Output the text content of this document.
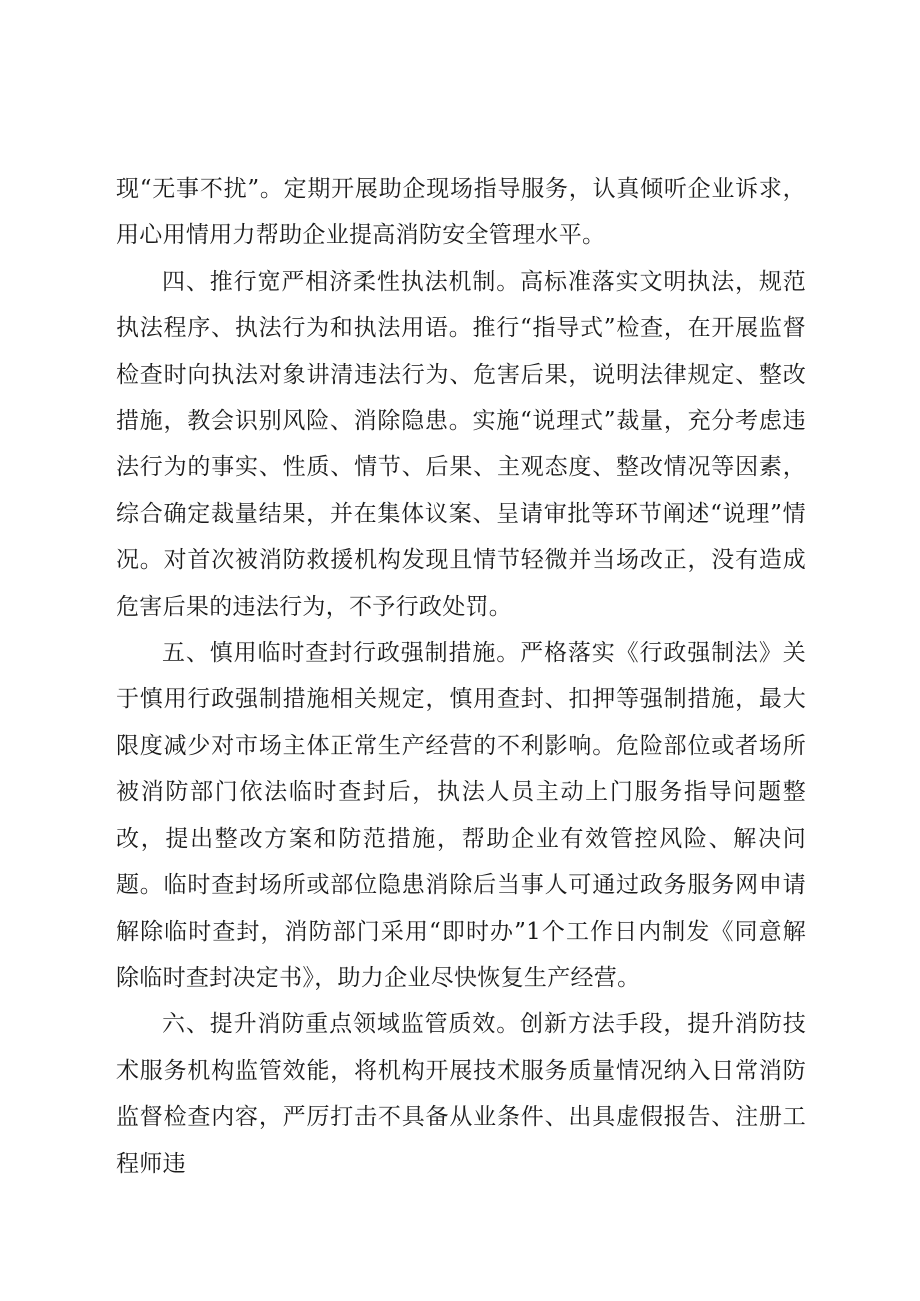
现“无事不扰”。定期开展助企现场指导服务，认真倾听企业诉求，用心用情用力帮助企业提高消防安全管理水平。

四、推行宽严相济柔性执法机制。高标准落实文明执法，规范执法程序、执法行为和执法用语。推行“指导式”检查，在开展监督检查时向执法对象讲清违法行为、危害后果，说明法律规定、整改措施，教会识别风险、消除隐患。实施“说理式”裁量，充分考虑违法行为的事实、性质、情节、后果、主观态度、整改情况等因素，综合确定裁量结果，并在集体议案、呈请审批等环节阐述“说理”情况。对首次被消防救援机构发现且情节轻微并当场改正，没有造成危害后果的违法行为，不予行政处罚。

五、慎用临时查封行政强制措施。严格落实《行政强制法》关于慎用行政强制措施相关规定，慎用查封、扣押等强制措施，最大限度减少对市场主体正常生产经营的不利影响。危险部位或者场所被消防部门依法临时查封后，执法人员主动上门服务指导问题整改，提出整改方案和防范措施，帮助企业有效管控风险、解决问题。临时查封场所或部位隐患消除后当事人可通过政务服务网申请解除临时查封，消防部门采用“即时办”1个工作日内制发《同意解除临时查封决定书》，助力企业尽快恢复生产经营。

六、提升消防重点领域监管质效。创新方法手段，提升消防技术服务机构监管效能，将机构开展技术服务质量情况纳入日常消防监督检查内容，严厉打击不具备从业条件、出具虚假报告、注册工程师违
